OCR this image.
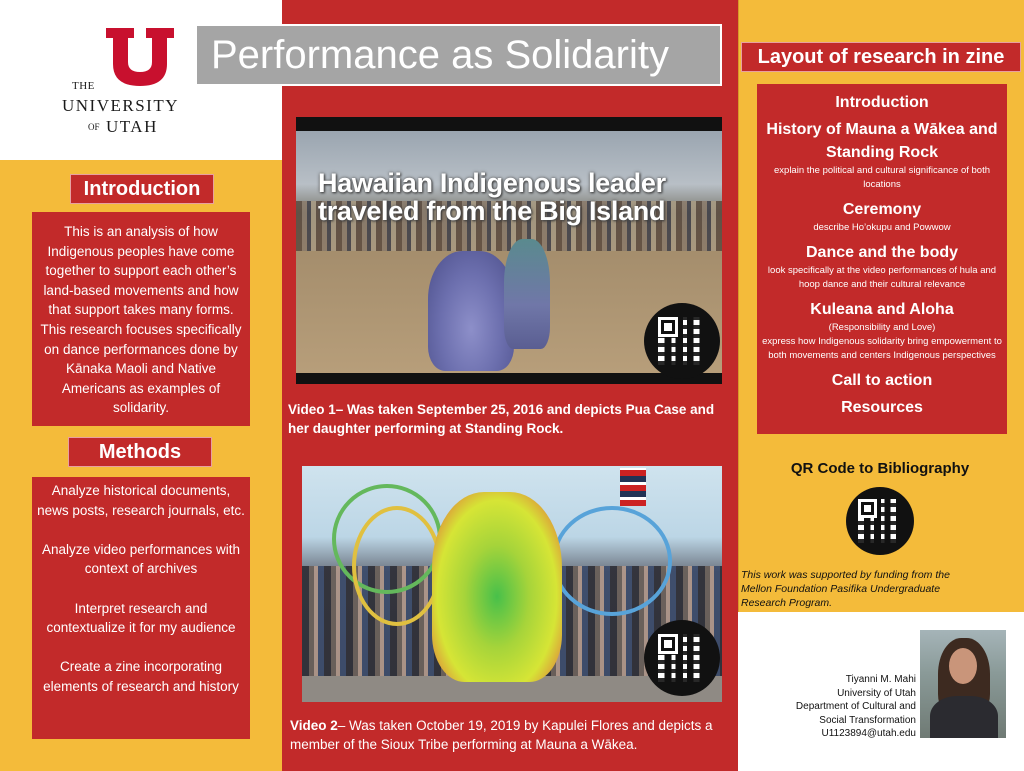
THE
UNIVERSITY
OF UTAH
Introduction
This is an analysis of how Indigenous peoples have come together to support each other’s land-based movements and how that support takes many forms. This research focuses specifically on dance performances done by Kānaka Maoli and Native Americans as examples of solidarity.
Methods

Analyze historical documents, news posts, research journals, etc.

Analyze video performances with context of archives

Interpret research and contextualize it for my audience

Create a zine incorporating elements of research and history

Performance as Solidarity
Hawaiian Indigenous leader traveled from the Big Island
Video 1– Was taken September 25, 2016 and depicts Pua Case and her daughter performing at Standing Rock.
Video 2– Was taken October 19, 2019 by Kapulei Flores and depicts a member of the Sioux Tribe performing at Mauna a Wākea.
Layout of research in zine
Introduction
History of Mauna a Wākea and Standing Rock
explain the political and cultural significance of both locations
Ceremony
describe Ho’okupu and Powwow
Dance and the body
look specifically at the video performances of hula and hoop dance and their cultural relevance
Kuleana and Aloha
(Responsibility and Love)
express how Indigenous solidarity bring empowerment to both movements and centers Indigenous perspectives
Call to action
Resources
QR Code to Bibliography
This work was supported by funding from the Mellon Foundation Pasifika Undergraduate Research Program.
Tiyanni M. Mahi
University of Utah
Department of Cultural and
Social Transformation
U1123894@utah.edu
